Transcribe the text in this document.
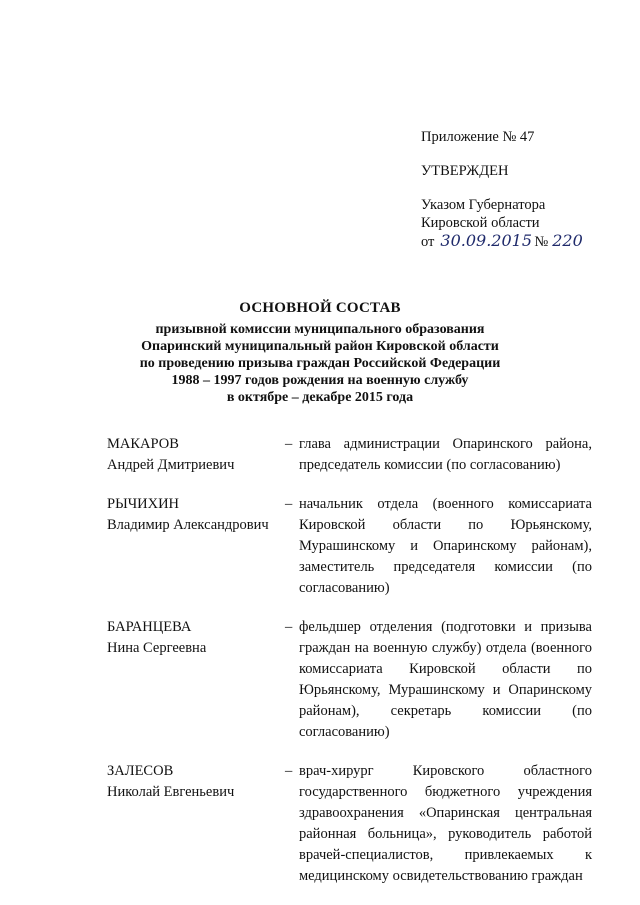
Приложение № 47

УТВЕРЖДЕН

Указом Губернатора

Кировской области

от 30.09.2015 № 220
ОСНОВНОЙ СОСТАВ
призывной комиссии муниципального образования
Опаринский муниципальный район Кировской области
по проведению призыва граждан Российской Федерации
1988 – 1997 годов рождения на военную службу
в октябре – декабре 2015 года
МАКАРОВ
Андрей Дмитриевич
– глава администрации Опаринского района, председатель комиссии (по согласованию)
РЫЧИХИН
Владимир Александрович
– начальник отдела (военного комиссариата Кировской области по Юрьянскому, Мурашинскому и Опаринскому районам), заместитель председателя комиссии (по согласованию)
БАРАНЦЕВА
Нина Сергеевна
– фельдшер отделения (подготовки и призыва граждан на военную службу) отдела (военного комиссариата Кировской области по Юрьянскому, Мурашинскому и Опаринскому районам), секретарь комиссии (по согласованию)
ЗАЛЕСОВ
Николай Евгеньевич
– врач-хирург Кировского областного государственного бюджетного учреждения здравоохранения «Опаринская центральная районная больница», руководитель работой врачей-специалистов, привлекаемых к медицинскому освидетельствованию граждан
